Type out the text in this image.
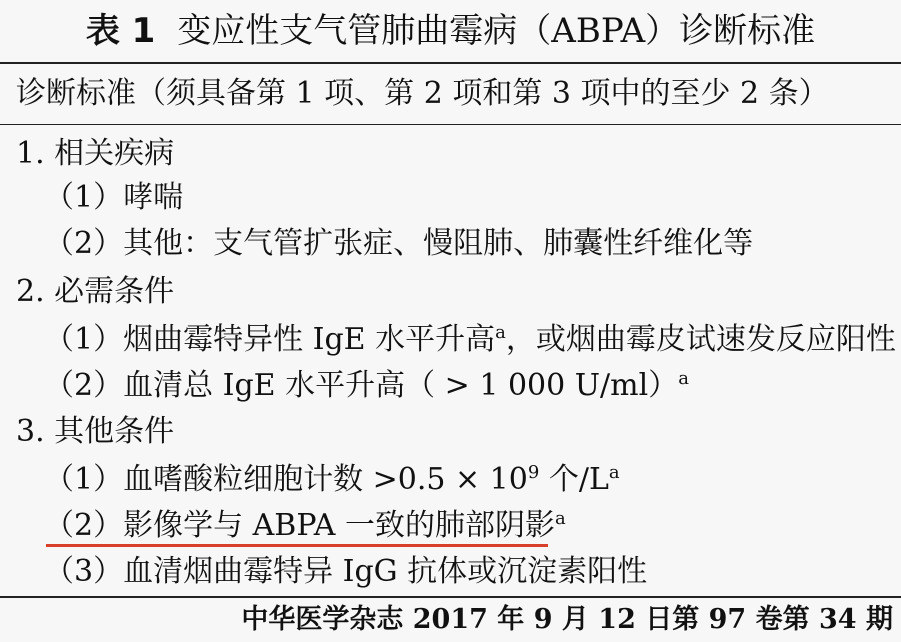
表 1 变应性支气管肺曲霉病（ABPA）诊断标准
诊断标准（须具备第 1 项、第 2 项和第 3 项中的至少 2 条）
1. 相关疾病
（1）哮喘
（2）其他：支气管扩张症、慢阻肺、肺囊性纤维化等
2. 必需条件
（1）烟曲霉特异性 IgE 水平升高$^a$，或烟曲霉皮试速发反应阳性
（2）血清总 IgE 水平升高（ > 1 000 U/ml）$^a$
3. 其他条件
（1）血嗜酸粒细胞计数 $>0.5 \times 10^9$ 个$/L^a$
（2）影像学与 ABPA 一致的肺部阴影$^a$
（3）血清烟曲霉特异 IgG 抗体或沉淀素阳性
中华医学杂志 2017 年 9 月 12 日第 97 卷第 34 期
